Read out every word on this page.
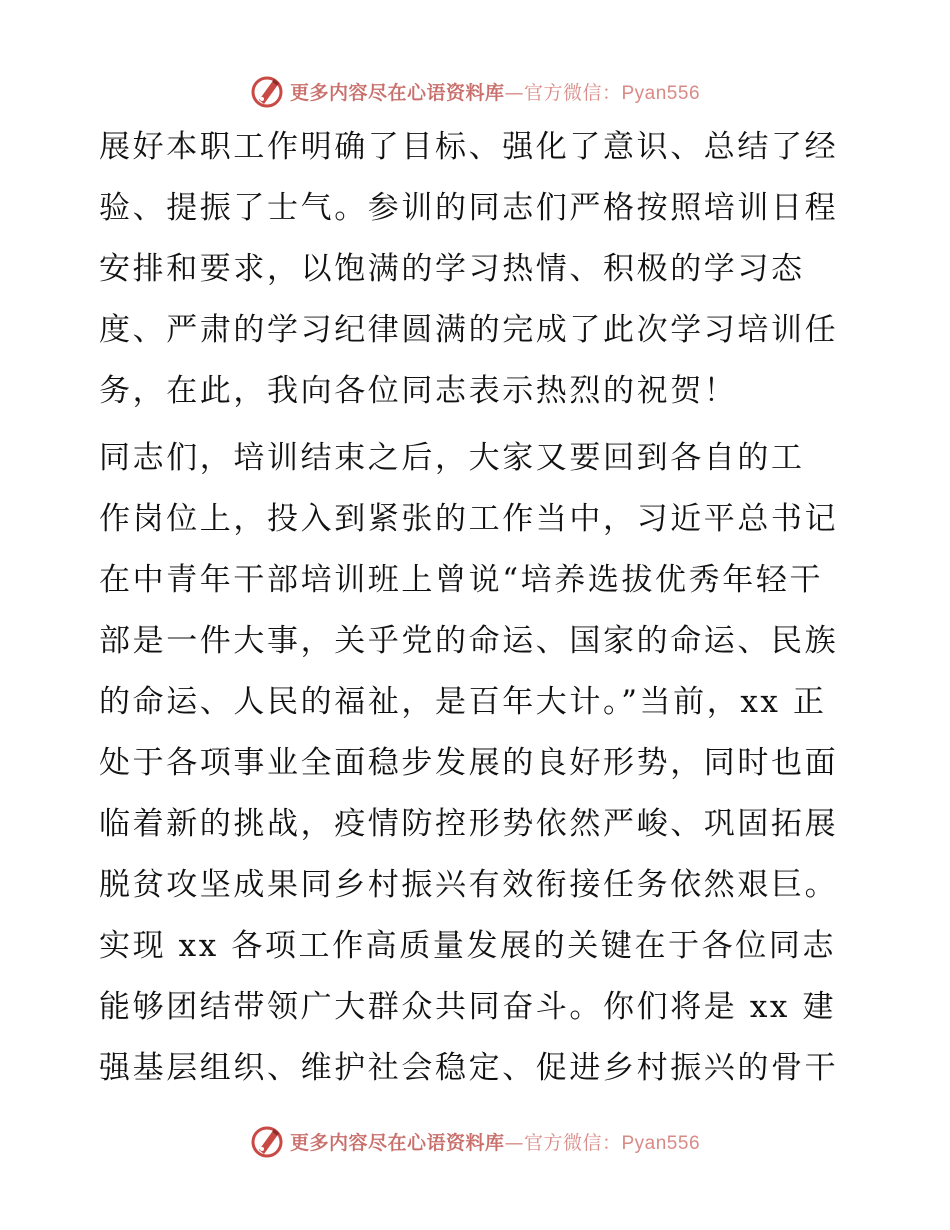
更多内容尽在心语资料库—官方微信：Pyan556
展好本职工作明确了目标、强化了意识、总结了经
验、提振了士气。参训的同志们严格按照培训日程
安排和要求，以饱满的学习热情、积极的学习态
度、严肃的学习纪律圆满的完成了此次学习培训任
务，在此，我向各位同志表示热烈的祝贺！
同志们，培训结束之后，大家又要回到各自的工
作岗位上，投入到紧张的工作当中，习近平总书记
在中青年干部培训班上曾说“培养选拔优秀年轻干
部是一件大事，关乎党的命运、国家的命运、民族
的命运、人民的福祉，是百年大计。”当前，xx 正
处于各项事业全面稳步发展的良好形势，同时也面
临着新的挑战，疫情防控形势依然严峻、巩固拓展
脱贫攻坚成果同乡村振兴有效衔接任务依然艰巨。
实现 xx 各项工作高质量发展的关键在于各位同志
能够团结带领广大群众共同奋斗。你们将是 xx 建
强基层组织、维护社会稳定、促进乡村振兴的骨干
更多内容尽在心语资料库—官方微信：Pyan556
